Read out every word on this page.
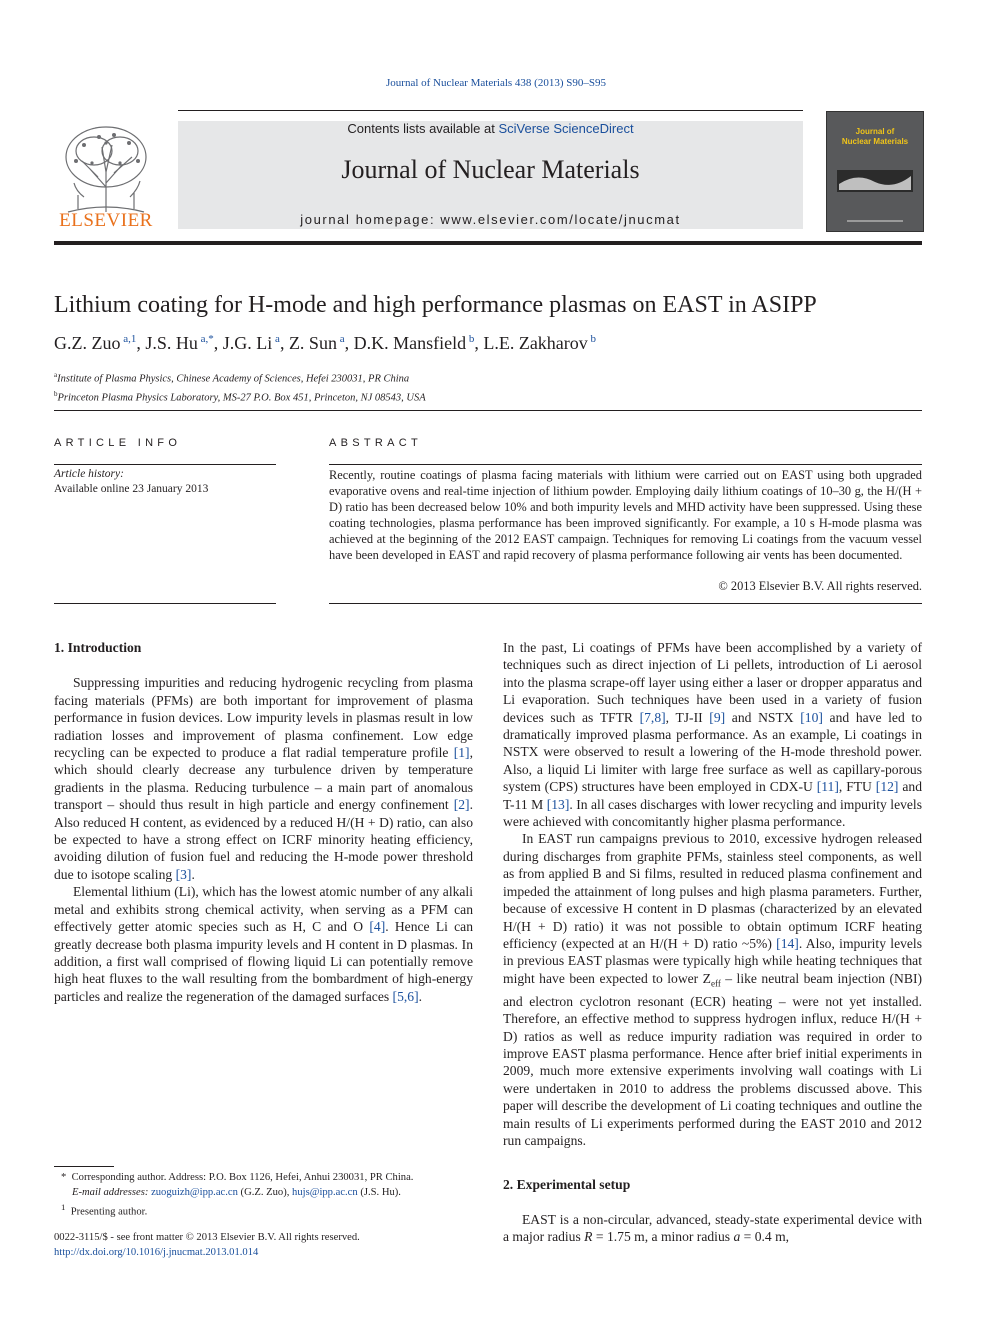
Journal of Nuclear Materials 438 (2013) S90–S95
ELSEVIER
Contents lists available at SciVerse ScienceDirect
Journal of Nuclear Materials
journal homepage: www.elsevier.com/locate/jnucmat
Journal of
Nuclear Materials
Lithium coating for H-mode and high performance plasmas on EAST in ASIPP
G.Z. Zuo $^{a,1}$, J.S. Hu $^{a,*}$, J.G. Li $^a$, Z. Sun $^a$, D.K. Mansfield $^b$, L.E. Zakharov $^b$
$^a$Institute of Plasma Physics, Chinese Academy of Sciences, Hefei 230031, PR China
$^b$Princeton Plasma Physics Laboratory, MS-27 P.O. Box 451, Princeton, NJ 08543, USA
ARTICLE INFO	ABSTRACT
Article history:
Available online 23 January 2013
Recently, routine coatings of plasma facing materials with lithium were carried out on EAST using both upgraded evaporative ovens and real-time injection of lithium powder. Employing daily lithium coatings of 10–30 g, the H/(H + D) ratio has been decreased below 10% and both impurity levels and MHD activity have been suppressed. Using these coating technologies, plasma performance has been improved significantly. For example, a 10 s H-mode plasma was achieved at the beginning of the 2012 EAST campaign. Techniques for removing Li coatings from the vacuum vessel have been developed in EAST and rapid recovery of plasma performance following air vents has been documented.
© 2013 Elsevier B.V. All rights reserved.
1. Introduction

Suppressing impurities and reducing hydrogenic recycling from plasma facing materials (PFMs) are both important for improvement of plasma performance in fusion devices. Low impurity levels in plasmas result in low radiation losses and improvement of plasma confinement. Low edge recycling can be expected to produce a flat radial temperature profile [1], which should clearly decrease any turbulence driven by temperature gradients in the plasma. Reducing turbulence – a main part of anomalous transport – should thus result in high particle and energy confinement [2]. Also reduced H content, as evidenced by a reduced H/(H + D) ratio, can also be expected to have a strong effect on ICRF minority heating efficiency, avoiding dilution of fusion fuel and reducing the H-mode power threshold due to isotope scaling [3].

Elemental lithium (Li), which has the lowest atomic number of any alkali metal and exhibits strong chemical activity, when serving as a PFM can effectively getter atomic species such as H, C and O [4]. Hence Li can greatly decrease both plasma impurity levels and H content in D plasmas. In addition, a first wall comprised of flowing liquid Li can potentially remove high heat fluxes to the wall resulting from the bombardment of high-energy particles and realize the regeneration of the damaged surfaces [5,6].

In the past, Li coatings of PFMs have been accomplished by a variety of techniques such as direct injection of Li pellets, introduction of Li aerosol into the plasma scrape-off layer using either a laser or dropper apparatus and Li evaporation. Such techniques have been used in a variety of fusion devices such as TFTR [7,8], TJ-II [9] and NSTX [10] and have led to dramatically improved plasma performance. As an example, Li coatings in NSTX were observed to result a lowering of the H-mode threshold power. Also, a liquid Li limiter with large free surface as well as capillary-porous system (CPS) structures have been employed in CDX-U [11], FTU [12] and T-11 M [13]. In all cases discharges with lower recycling and impurity levels were achieved with concomitantly higher plasma performance.

In EAST run campaigns previous to 2010, excessive hydrogen released during discharges from graphite PFMs, stainless steel components, as well as from applied B and Si films, resulted in reduced plasma confinement and impeded the attainment of long pulses and high plasma parameters. Further, because of excessive H content in D plasmas (characterized by an elevated H/(H + D) ratio) it was not possible to obtain optimum ICRF heating efficiency (expected at an H/(H + D) ratio ~5%) [14]. Also, impurity levels in previous EAST plasmas were typically high while heating techniques that might have been expected to lower $Z_{eff}$ – like neutral beam injection (NBI) and electron cyclotron resonant (ECR) heating – were not yet installed. Therefore, an effective method to suppress hydrogen influx, reduce H/(H + D) ratios as well as reduce impurity radiation was required in order to improve EAST plasma performance. Hence after brief initial experiments in 2009, much more extensive experiments involving wall coatings with Li were undertaken in 2010 to address the problems discussed above. This paper will describe the development of Li coating techniques and outline the main results of Li experiments performed during the EAST 2010 and 2012 run campaigns.

2. Experimental setup

EAST is a non-circular, advanced, steady-state experimental device with a major radius R = 1.75 m, a minor radius a = 0.4 m,

* Corresponding author. Address: P.O. Box 1126, Hefei, Anhui 230031, PR China.
E-mail addresses: zuoguizh@ipp.ac.cn (G.Z. Zuo), hujs@ipp.ac.cn (J.S. Hu).
$^1$ Presenting author.
0022-3115/$ - see front matter © 2013 Elsevier B.V. All rights reserved.
http://dx.doi.org/10.1016/j.jnucmat.2013.01.014
